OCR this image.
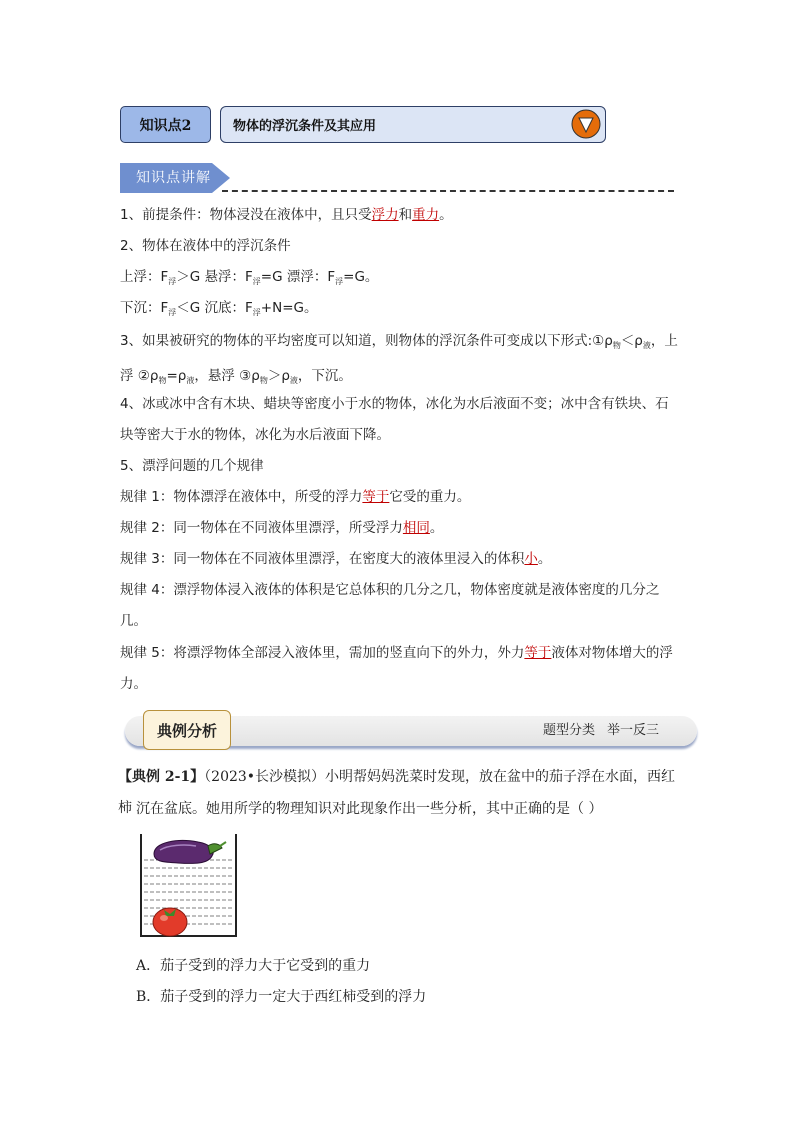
知识点2	物体的浮沉条件及其应用
知识点讲解
1、前提条件：物体浸没在液体中，且只受浮力和重力。
2、物体在液体中的浮沉条件
上浮：$F_浮>G$ 悬浮：$F_浮=G$ 漂浮：$F_浮=G$。
下沉：$F_浮<G$ 沉底：$F_浮+N=G$。
3、如果被研究的物体的平均密度可以知道，则物体的浮沉条件可变成以下形式$:①\rho_物<\rho_液$，上浮 $②\rho_物=\rho_液$，悬浮 $③\rho_物>\rho_液$，下沉。
4、冰或冰中含有木块、蜡块等密度小于水的物体，冰化为水后液面不变；冰中含有铁块、石块等密大于水的物体，冰化为水后液面下降。
5、漂浮问题的几个规律
规律 1：物体漂浮在液体中，所受的浮力等于它受的重力。
规律 2：同一物体在不同液体里漂浮，所受浮力相同。
规律 3：同一物体在不同液体里漂浮，在密度大的液体里浸入的体积小。
规律 4：漂浮物体浸入液体的体积是它总体积的几分之几，物体密度就是液体密度的几分之几。
规律 5：将漂浮物体全部浸入液体里，需加的竖直向下的外力，外力等于液体对物体增大的浮力。
典例分析	题型分类 举一反三
【典例 2-1】（2023•长沙模拟）小明帮妈妈洗菜时发现，放在盆中的茄子浮在水面，西红柿 沉在盆底。她用所学的物理知识对此现象作出一些分析，其中正确的是（ ）
A．茄子受到的浮力大于它受到的重力
B．茄子受到的浮力一定大于西红柿受到的浮力
